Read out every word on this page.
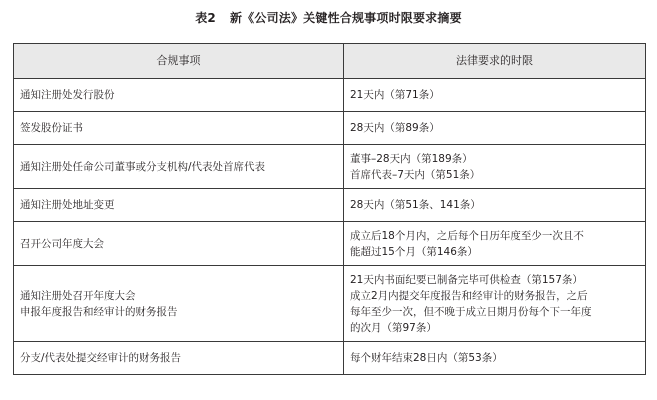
表2 新《公司法》关键性合规事项时限要求摘要
合规事项	法律要求的时限

通知注册处发行股份	21天内（第71条）

签发股份证书	28天内（第89条）

通知注册处任命公司董事或分支机构/代表处首席代表	董事–28天内（第189条）
首席代表–7天内（第51条）

通知注册处地址变更	28天内（第51条、141条）

召开公司年度大会	成立后18个月内，之后每个日历年度至少一次且不
能超过15个月（第146条）

通知注册处召开年度大会
申报年度报告和经审计的财务报告	21天内书面纪要已制备完毕可供检查（第157条）
成立2月内提交年度报告和经审计的财务报告，之后
每年至少一次，但不晚于成立日期月份每个下一年度
的次月（第97条）

分支/代表处提交经审计的财务报告	每个财年结束28日内（第53条）
